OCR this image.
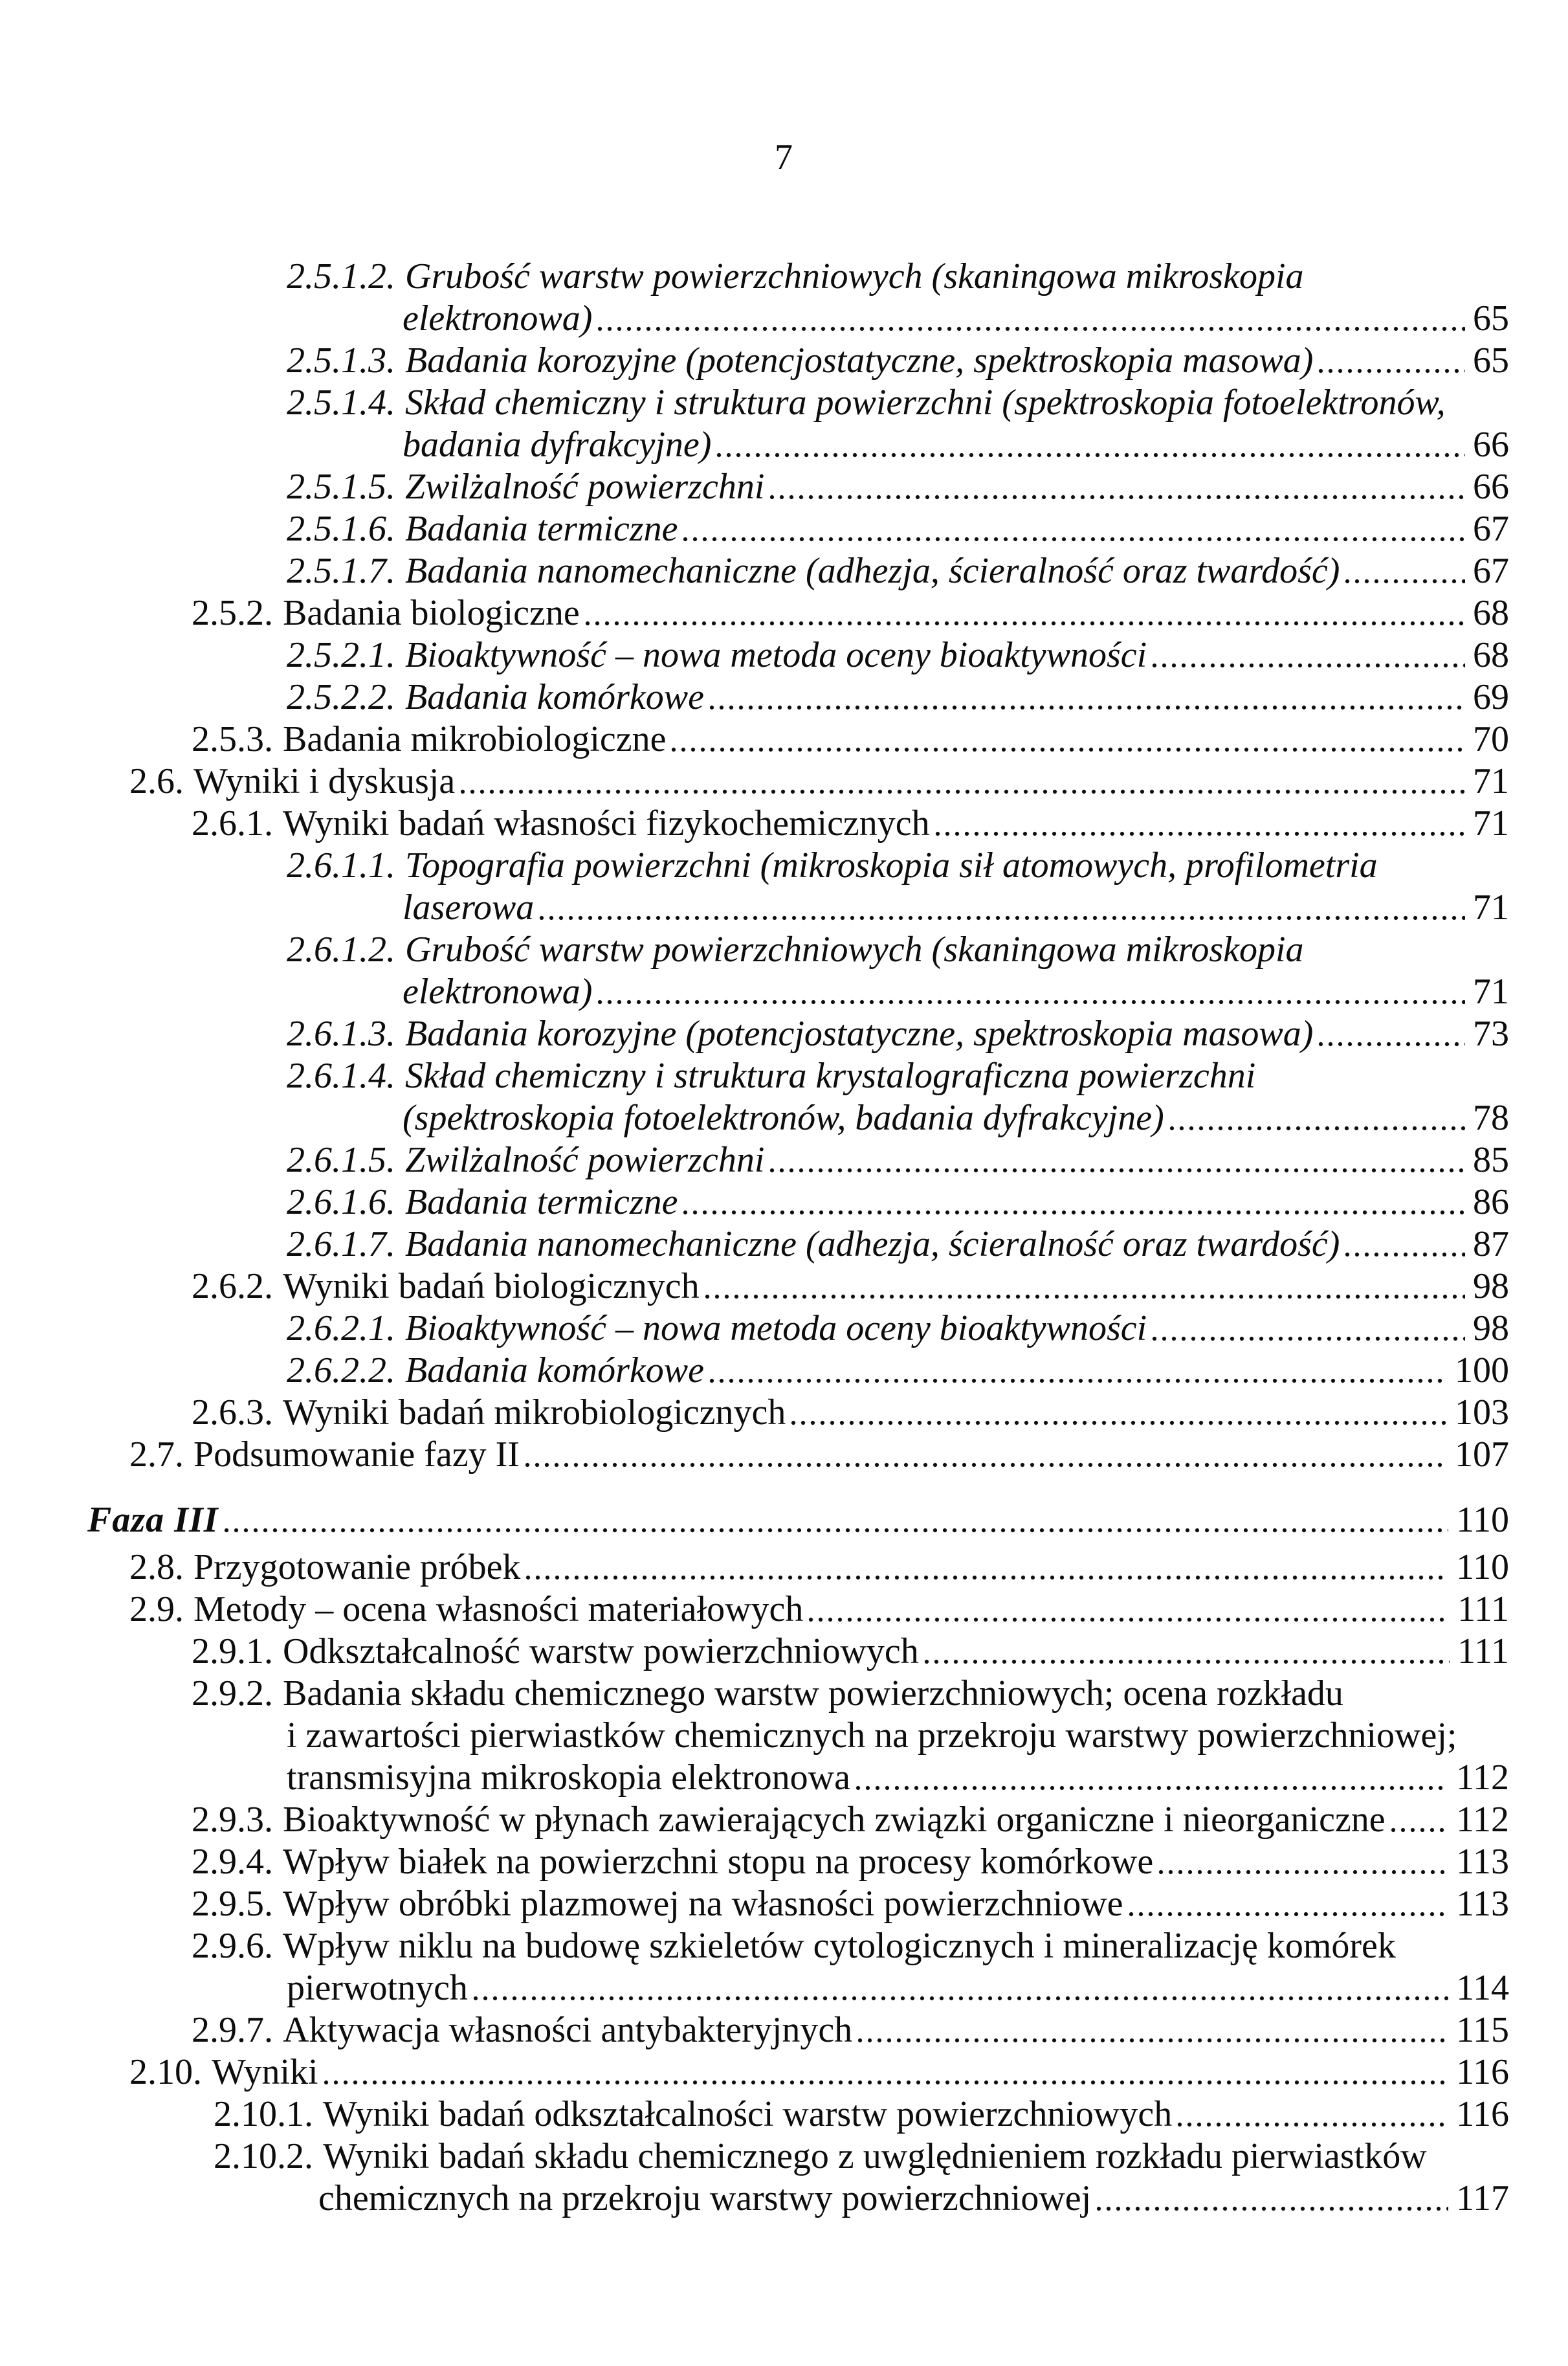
7
2.5.1.2. Grubość warstw powierzchniowych (skaningowa mikroskopia
elektronowa)	65
2.5.1.3. Badania korozyjne (potencjostatyczne, spektroskopia masowa)	65
2.5.1.4. Skład chemiczny i struktura powierzchni (spektroskopia fotoelektronów,
badania dyfrakcyjne)	66
2.5.1.5. Zwilżalność powierzchni	66
2.5.1.6. Badania termiczne	67
2.5.1.7. Badania nanomechaniczne (adhezja, ścieralność oraz twardość)	67
2.5.2. Badania biologiczne	68
2.5.2.1. Bioaktywność – nowa metoda oceny bioaktywności	68
2.5.2.2. Badania komórkowe	69
2.5.3. Badania mikrobiologiczne	70
2.6. Wyniki i dyskusja	71
2.6.1. Wyniki badań własności fizykochemicznych	71
2.6.1.1. Topografia powierzchni (mikroskopia sił atomowych, profilometria
laserowa	71
2.6.1.2. Grubość warstw powierzchniowych (skaningowa mikroskopia
elektronowa)	71
2.6.1.3. Badania korozyjne (potencjostatyczne, spektroskopia masowa)	73
2.6.1.4. Skład chemiczny i struktura krystalograficzna powierzchni
(spektroskopia fotoelektronów, badania dyfrakcyjne)	78
2.6.1.5. Zwilżalność powierzchni	85
2.6.1.6. Badania termiczne	86
2.6.1.7. Badania nanomechaniczne (adhezja, ścieralność oraz twardość)	87
2.6.2. Wyniki badań biologicznych	98
2.6.2.1. Bioaktywność – nowa metoda oceny bioaktywności	98
2.6.2.2. Badania komórkowe	100
2.6.3. Wyniki badań mikrobiologicznych	103
2.7. Podsumowanie fazy II	107
Faza III	110
2.8. Przygotowanie próbek	110
2.9. Metody – ocena własności materiałowych	111
2.9.1. Odkształcalność warstw powierzchniowych	111
2.9.2. Badania składu chemicznego warstw powierzchniowych; ocena rozkładu
i zawartości pierwiastków chemicznych na przekroju warstwy powierzchniowej;
transmisyjna mikroskopia elektronowa	112
2.9.3. Bioaktywność w płynach zawierających związki organiczne i nieorganiczne 112
2.9.4. Wpływ białek na powierzchni stopu na procesy komórkowe	113
2.9.5. Wpływ obróbki plazmowej na własności powierzchniowe	113
2.9.6. Wpływ niklu na budowę szkieletów cytologicznych i mineralizację komórek
pierwotnych	114
2.9.7. Aktywacja własności antybakteryjnych	115
2.10. Wyniki	116
2.10.1. Wyniki badań odkształcalności warstw powierzchniowych	116
2.10.2. Wyniki badań składu chemicznego z uwględnieniem rozkładu pierwiastków
chemicznych na przekroju warstwy powierzchniowej	117
